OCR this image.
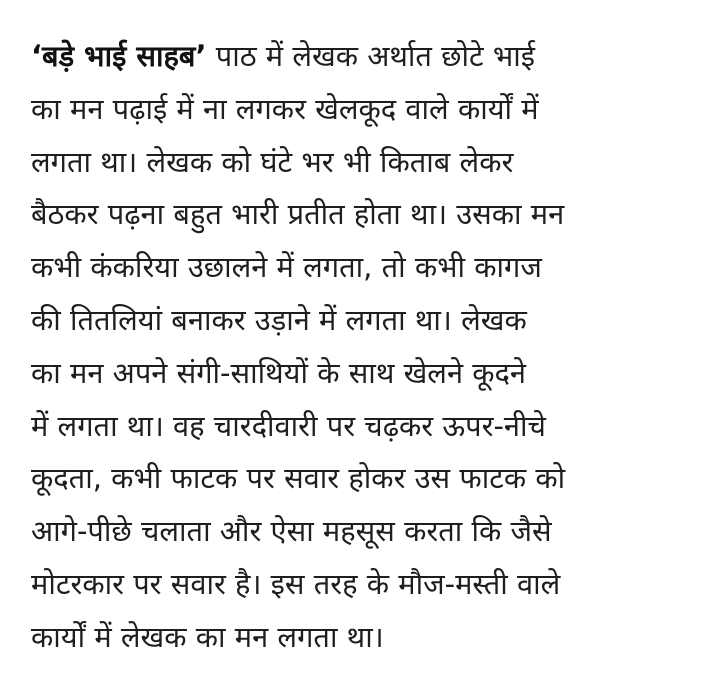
‘बड़े भाई साहब’ पाठ में लेखक अर्थात छोटे भाई
का मन पढ़ाई में ना लगकर खेलकूद वाले कार्यों में
लगता था। लेखक को घंटे भर भी किताब लेकर
बैठकर पढ़ना बहुत भारी प्रतीत होता था। उसका मन
कभी कंकरिया उछालने में लगता, तो कभी कागज
की तितलियां बनाकर उड़ाने में लगता था। लेखक
का मन अपने संगी-साथियों के साथ खेलने कूदने
में लगता था। वह चारदीवारी पर चढ़कर ऊपर-नीचे
कूदता, कभी फाटक पर सवार होकर उस फाटक को
आगे-पीछे चलाता और ऐसा महसूस करता कि जैसे
मोटरकार पर सवार है। इस तरह के मौज-मस्ती वाले
कार्यों में लेखक का मन लगता था।
